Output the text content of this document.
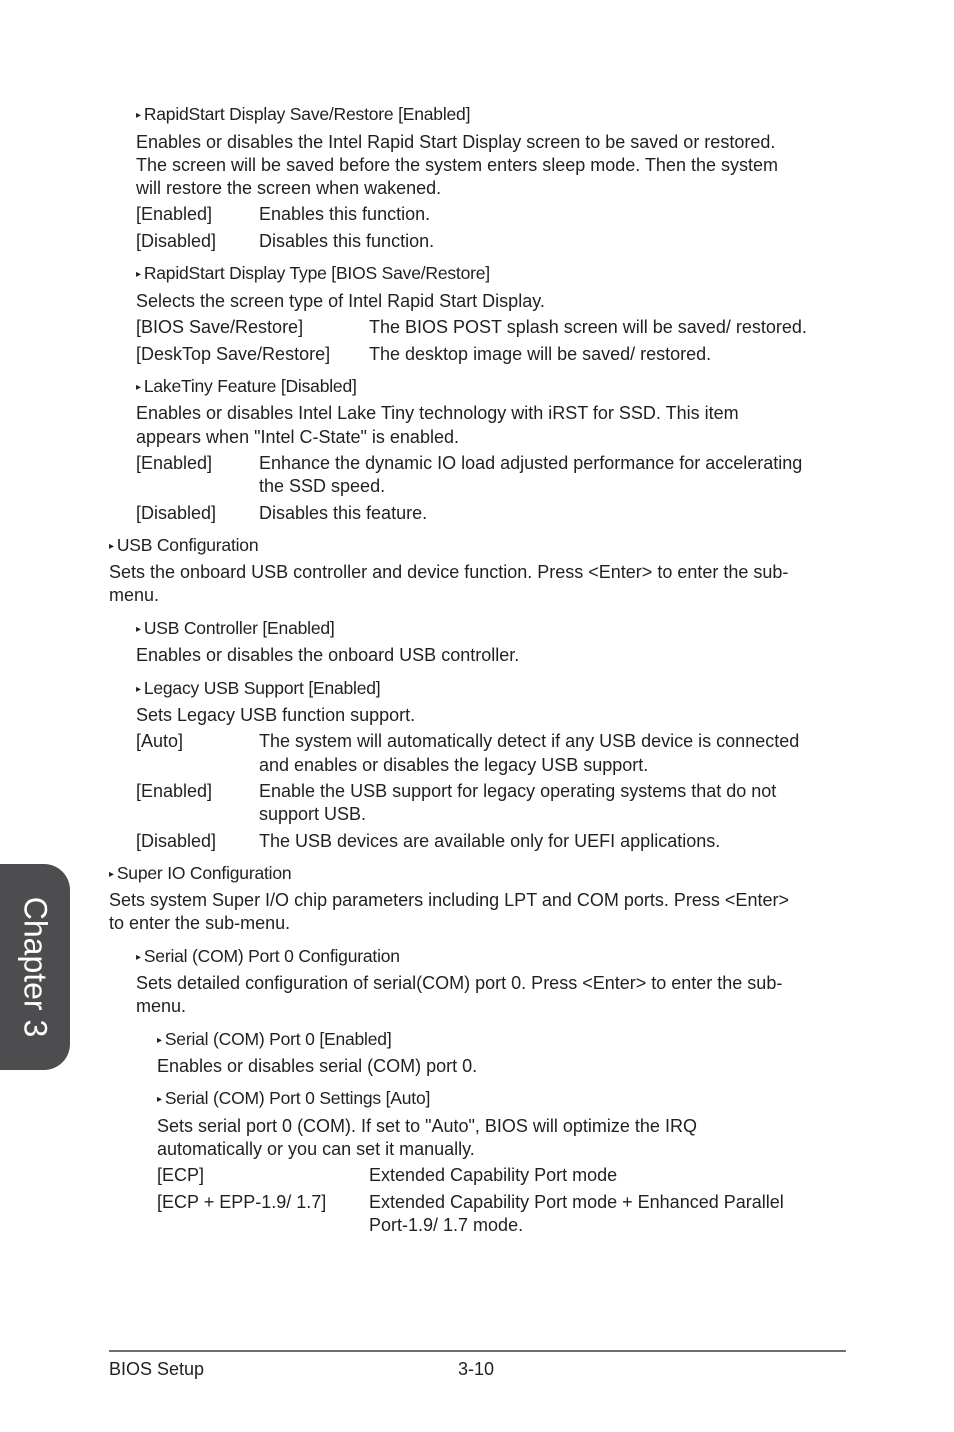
▸ RapidStart Display Save/Restore [Enabled]
Enables or disables the Intel Rapid Start Display screen to be saved or restored.
The screen will be saved before the system enters sleep mode. Then the system
will restore the screen when wakened.
[Enabled]	Enables this function.
[Disabled] Disables this function.
▸ RapidStart Display Type [BIOS Save/Restore]
Selects the screen type of Intel Rapid Start Display.
[BIOS Save/Restore]	The BIOS POST splash screen will be saved/ restored.
[DeskTop Save/Restore] The desktop image will be saved/ restored.
▸ LakeTiny Feature [Disabled]
Enables or disables Intel Lake Tiny technology with iRST for SSD. This item
appears when "Intel C-State" is enabled.
[Enabled]	Enhance the dynamic IO load adjusted performance for accelerating
the SSD speed.
[Disabled] Disables this feature.
▸ USB Configuration
Sets the onboard USB controller and device function. Press <Enter> to enter the sub-
menu.
▸ USB Controller [Enabled]
Enables or disables the onboard USB controller.
▸ Legacy USB Support [Enabled]
Sets Legacy USB function support.
[Auto]	The system will automatically detect if any USB device is connected
and enables or disables the legacy USB support.
[Enabled]	Enable the USB support for legacy operating systems that do not
support USB.
[Disabled] The USB devices are available only for UEFI applications.
▸ Super IO Configuration
Sets system Super I/O chip parameters including LPT and COM ports. Press <Enter>
to enter the sub-menu.
▸ Serial (COM) Port 0 Configuration
Sets detailed configuration of serial(COM) port 0. Press <Enter> to enter the sub-
menu.
▸ Serial (COM) Port 0 [Enabled]
Enables or disables serial (COM) port 0.
▸ Serial (COM) Port 0 Settings [Auto]
Sets serial port 0 (COM). If set to "Auto", BIOS will optimize the IRQ
automatically or you can set it manually.
[ECP]	Extended Capability Port mode
[ECP + EPP-1.9/ 1.7] Extended Capability Port mode + Enhanced Parallel
Port-1.9/ 1.7 mode.
Chapter 3
BIOS Setup	3-10
